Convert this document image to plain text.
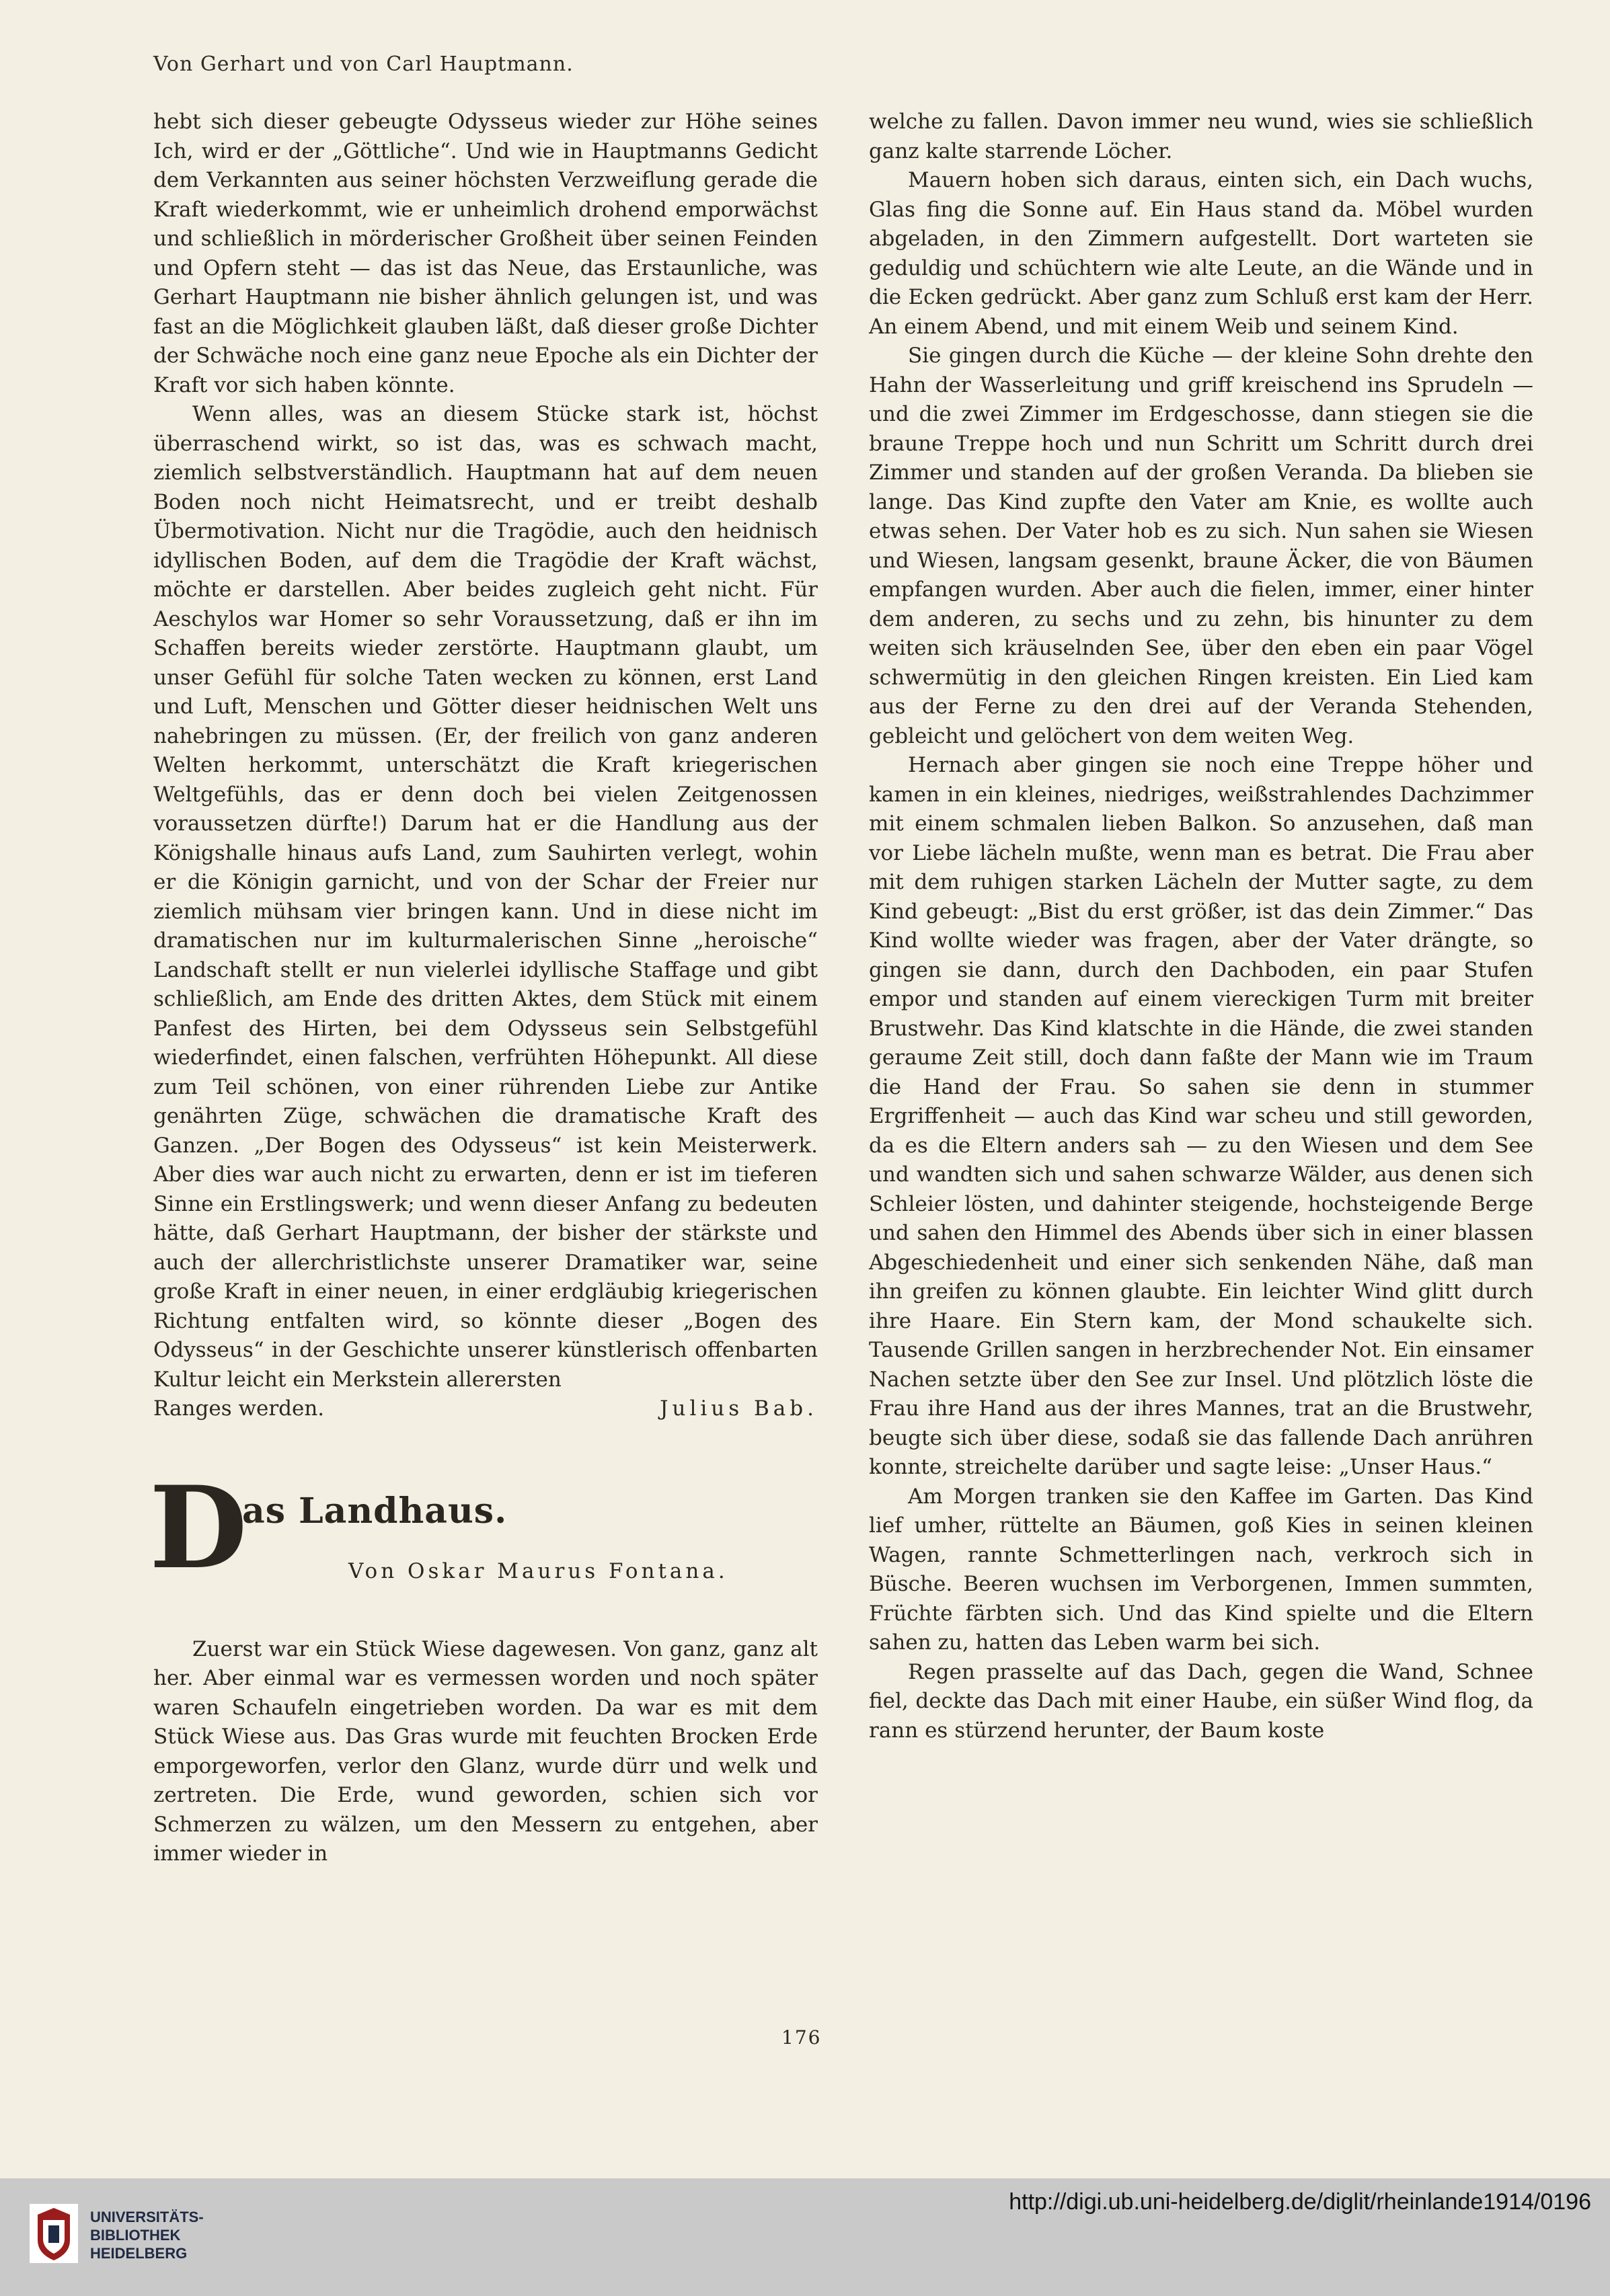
Von Gerhart und von Carl Hauptmann.

hebt sich dieser gebeugte Odysseus wieder zur Höhe seines Ich, wird er der „Göttliche“. Und wie in Hauptmanns Gedicht dem Verkannten aus seiner höchsten Verzweiflung gerade die Kraft wiederkommt, wie er unheimlich drohend emporwächst und schließlich in mörderischer Großheit über seinen Feinden und Opfern steht — das ist das Neue, das Erstaunliche, was Gerhart Hauptmann nie bisher ähnlich gelungen ist, und was fast an die Möglichkeit glauben läßt, daß dieser große Dichter der Schwäche noch eine ganz neue Epoche als ein Dichter der Kraft vor sich haben könnte.

Wenn alles, was an diesem Stücke stark ist, höchst überraschend wirkt, so ist das, was es schwach macht, ziemlich selbstverständlich. Hauptmann hat auf dem neuen Boden noch nicht Heimatsrecht, und er treibt deshalb Übermotivation. Nicht nur die Tragödie, auch den heidnisch idyllischen Boden, auf dem die Tragödie der Kraft wächst, möchte er darstellen. Aber beides zugleich geht nicht. Für Aeschylos war Homer so sehr Voraussetzung, daß er ihn im Schaffen bereits wieder zerstörte. Hauptmann glaubt, um unser Gefühl für solche Taten wecken zu können, erst Land und Luft, Menschen und Götter dieser heidnischen Welt uns nahebringen zu müssen. (Er, der freilich von ganz anderen Welten herkommt, unterschätzt die Kraft kriegerischen Weltgefühls, das er denn doch bei vielen Zeitgenossen voraussetzen dürfte!) Darum hat er die Handlung aus der Königshalle hinaus aufs Land, zum Sauhirten verlegt, wohin er die Königin garnicht, und von der Schar der Freier nur ziemlich mühsam vier bringen kann. Und in diese nicht im dramatischen nur im kulturmalerischen Sinne „heroische“ Landschaft stellt er nun vielerlei idyllische Staffage und gibt schließlich, am Ende des dritten Aktes, dem Stück mit einem Panfest des Hirten, bei dem Odysseus sein Selbstgefühl wiederfindet, einen falschen, verfrühten Höhepunkt. All diese zum Teil schönen, von einer rührenden Liebe zur Antike genährten Züge, schwächen die dramatische Kraft des Ganzen. „Der Bogen des Odysseus“ ist kein Meisterwerk. Aber dies war auch nicht zu erwarten, denn er ist im tieferen Sinne ein Erstlingswerk; und wenn dieser Anfang zu bedeuten hätte, daß Gerhart Hauptmann, der bisher der stärkste und auch der allerchristlichste unserer Dramatiker war, seine große Kraft in einer neuen, in einer erdgläubig kriegerischen Richtung entfalten wird, so könnte dieser „Bogen des Odysseus“ in der Geschichte unserer künstlerisch offenbarten Kultur leicht ein Merkstein allerersten

Ranges werden.	Julius Bab.
D
as Landhaus.
Von Oskar Maurus Fontana.

Zuerst war ein Stück Wiese dagewesen. Von ganz, ganz alt her. Aber einmal war es vermessen worden und noch später waren Schaufeln eingetrieben worden. Da war es mit dem Stück Wiese aus. Das Gras wurde mit feuchten Brocken Erde emporgeworfen, verlor den Glanz, wurde dürr und welk und zertreten. Die Erde, wund geworden, schien sich vor Schmerzen zu wälzen, um den Messern zu entgehen, aber immer wieder in

welche zu fallen. Davon immer neu wund, wies sie schließlich ganz kalte starrende Löcher.

Mauern hoben sich daraus, einten sich, ein Dach wuchs, Glas fing die Sonne auf. Ein Haus stand da. Möbel wurden abgeladen, in den Zimmern aufgestellt. Dort warteten sie geduldig und schüchtern wie alte Leute, an die Wände und in die Ecken gedrückt. Aber ganz zum Schluß erst kam der Herr. An einem Abend, und mit einem Weib und seinem Kind.

Sie gingen durch die Küche — der kleine Sohn drehte den Hahn der Wasserleitung und griff kreischend ins Sprudeln — und die zwei Zimmer im Erdgeschosse, dann stiegen sie die braune Treppe hoch und nun Schritt um Schritt durch drei Zimmer und standen auf der großen Veranda. Da blieben sie lange. Das Kind zupfte den Vater am Knie, es wollte auch etwas sehen. Der Vater hob es zu sich. Nun sahen sie Wiesen und Wiesen, langsam gesenkt, braune Äcker, die von Bäumen empfangen wurden. Aber auch die fielen, immer, einer hinter dem anderen, zu sechs und zu zehn, bis hinunter zu dem weiten sich kräuselnden See, über den eben ein paar Vögel schwermütig in den gleichen Ringen kreisten. Ein Lied kam aus der Ferne zu den drei auf der Veranda Stehenden, gebleicht und gelöchert von dem weiten Weg.

Hernach aber gingen sie noch eine Treppe höher und kamen in ein kleines, niedriges, weißstrahlendes Dachzimmer mit einem schmalen lieben Balkon. So anzusehen, daß man vor Liebe lächeln mußte, wenn man es betrat. Die Frau aber mit dem ruhigen starken Lächeln der Mutter sagte, zu dem Kind gebeugt: „Bist du erst größer, ist das dein Zimmer.“ Das Kind wollte wieder was fragen, aber der Vater drängte, so gingen sie dann, durch den Dachboden, ein paar Stufen empor und standen auf einem viereckigen Turm mit breiter Brustwehr. Das Kind klatschte in die Hände, die zwei standen geraume Zeit still, doch dann faßte der Mann wie im Traum die Hand der Frau. So sahen sie denn in stummer Ergriffenheit — auch das Kind war scheu und still geworden, da es die Eltern anders sah — zu den Wiesen und dem See und wandten sich und sahen schwarze Wälder, aus denen sich Schleier lösten, und dahinter steigende, hochsteigende Berge und sahen den Himmel des Abends über sich in einer blassen Abgeschiedenheit und einer sich senkenden Nähe, daß man ihn greifen zu können glaubte. Ein leichter Wind glitt durch ihre Haare. Ein Stern kam, der Mond schaukelte sich. Tausende Grillen sangen in herzbrechender Not. Ein einsamer Nachen setzte über den See zur Insel. Und plötzlich löste die Frau ihre Hand aus der ihres Mannes, trat an die Brustwehr, beugte sich über diese, sodaß sie das fallende Dach anrühren konnte, streichelte darüber und sagte leise: „Unser Haus.“

Am Morgen tranken sie den Kaffee im Garten. Das Kind lief umher, rüttelte an Bäumen, goß Kies in seinen kleinen Wagen, rannte Schmetterlingen nach, verkroch sich in Büsche. Beeren wuchsen im Verborgenen, Immen summten, Früchte färbten sich. Und das Kind spielte und die Eltern sahen zu, hatten das Leben warm bei sich.

Regen prasselte auf das Dach, gegen die Wand, Schnee fiel, deckte das Dach mit einer Haube, ein süßer Wind flog, da rann es stürzend herunter, der Baum koste

176
UNIVERSITÄTS-
BIBLIOTHEK
HEIDELBERG
http://digi.ub.uni-heidelberg.de/diglit/rheinlande1914/0196
